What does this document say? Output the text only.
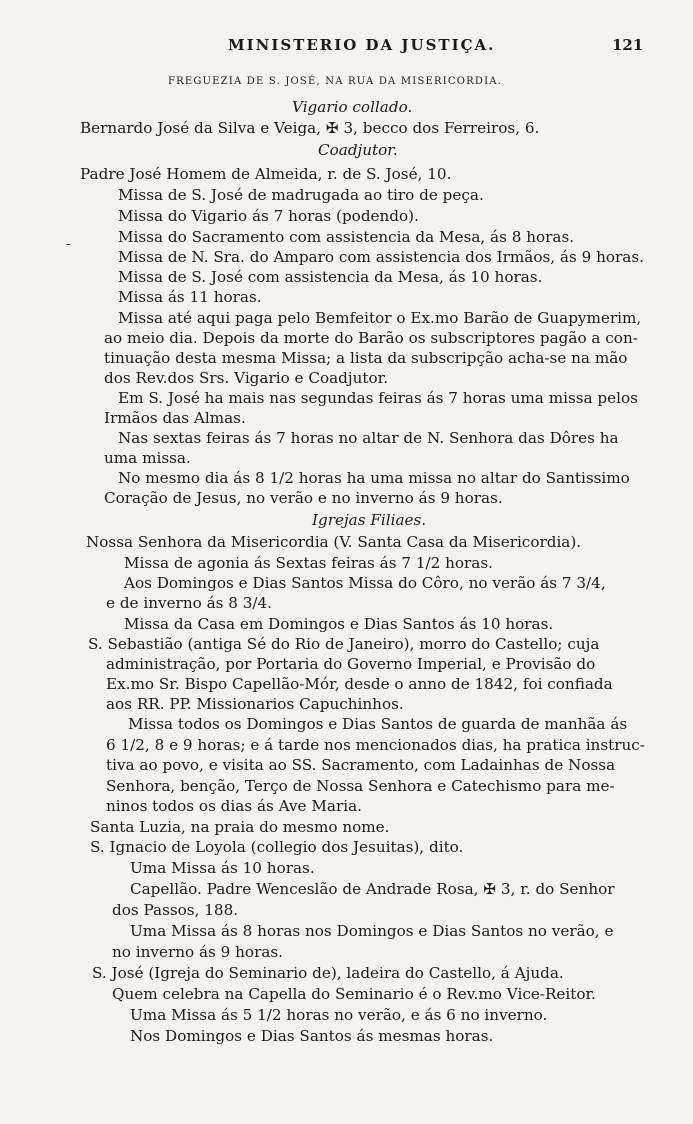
MINISTERIO DA JUSTIÇA.	121
FREGUEZIA DE S. JOSÉ, NA RUA DA MISERICORDIA.
-
Vigario collado.
Bernardo José da Silva e Veiga, ✠ 3, becco dos Ferreiros, 6.
Coadjutor.
Padre José Homem de Almeida, r. de S. José, 10.
Missa de S. José de madrugada ao tiro de peça.
Missa do Vigario ás 7 horas (podendo).
Missa do Sacramento com assistencia da Mesa, ás 8 horas.
Missa de N. Sra. do Amparo com assistencia dos Irmãos, ás 9 horas.
Missa de S. José com assistencia da Mesa, ás 10 horas.
Missa ás 11 horas.
Missa até aqui paga pelo Bemfeitor o Ex.mo Barão de Guapymerim,
ao meio dia. Depois da morte do Barão os subscriptores pagão a con-
tinuação desta mesma Missa; a lista da subscripção acha-se na mão
dos Rev.dos Srs. Vigario e Coadjutor.
Em S. José ha mais nas segundas feiras ás 7 horas uma missa pelos
Irmãos das Almas.
Nas sextas feiras ás 7 horas no altar de N. Senhora das Dôres ha
uma missa.
No mesmo dia ás 8 1/2 horas ha uma missa no altar do Santissimo
Coração de Jesus, no verão e no inverno ás 9 horas.
Igrejas Filiaes.
Nossa Senhora da Misericordia (V. Santa Casa da Misericordia).
Missa de agonia ás Sextas feiras ás 7 1/2 horas.
Aos Domingos e Dias Santos Missa do Côro, no verão ás 7 3/4,
e de inverno ás 8 3/4.
Missa da Casa em Domingos e Dias Santos ás 10 horas.
S. Sebastião (antiga Sé do Rio de Janeiro), morro do Castello; cuja
administração, por Portaria do Governo Imperial, e Provisão do
Ex.mo Sr. Bispo Capellão-Mór, desde o anno de 1842, foi confiada
aos RR. PP. Missionarios Capuchinhos.
Missa todos os Domingos e Dias Santos de guarda de manhãa ás
6 1/2, 8 e 9 horas; e á tarde nos mencionados dias, ha pratica instruc-
tiva ao povo, e visita ao SS. Sacramento, com Ladainhas de Nossa
Senhora, benção, Terço de Nossa Senhora e Catechismo para me-
ninos todos os dias ás Ave Maria.
Santa Luzia, na praia do mesmo nome.
S. Ignacio de Loyola (collegio dos Jesuitas), dito.
Uma Missa ás 10 horas.
Capellão. Padre Wenceslão de Andrade Rosa, ✠ 3, r. do Senhor
dos Passos, 188.
Uma Missa ás 8 horas nos Domingos e Dias Santos no verão, e
no inverno ás 9 horas.
S. José (Igreja do Seminario de), ladeira do Castello, á Ajuda.
Quem celebra na Capella do Seminario é o Rev.mo Vice-Reitor.
Uma Missa ás 5 1/2 horas no verão, e ás 6 no inverno.
Nos Domingos e Dias Santos ás mesmas horas.
